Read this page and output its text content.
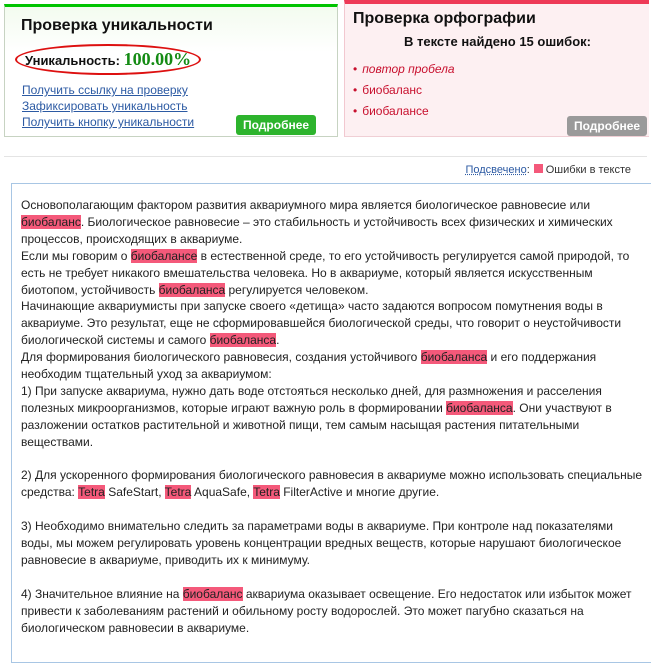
Проверка уникальности
Уникальность: 100.00%
Получить ссылку на проверку
Зафиксировать уникальность
Получить кнопку уникальности	Подробнее
Проверка орфографии
В тексте найдено 15 ошибок:
• повтор пробела
• биобаланс
• биобалансе
Подробнее
Подсвечено: Ошибки в тексте

Основополагающим фактором развития аквариумного мира являeтся биологическое равновесие или биобаланс. Биологическое равновесие – это стабильность и устойчивость всех физических и химических процессов, происходящих в аквариуме.

Если мы говорим о биобалансе в естественной среде, то его устойчивость регулируется самой природой, то есть не требует никакого вмешательства человека. Но в аквариуме, который является искусственным биотопом, устойчивость биобаланса регулируется человеком.

Начинающие аквариумисты при запуске своего «детища» часто задаются вопросом помутнения воды в аквариуме. Это результат, еще не сформировавшейся биологической среды, что говорит о неустойчивости биологической системы и самого биобаланса.

Для формирования биологического равновесия, создания устойчивого биобаланса и его поддержания необходим тщательный уход за аквариумом:

1) При запуске аквариума, нужно дать воде отстояться несколько дней, для размножения и расселения полезных микроорганизмов, которые играют важную роль в формировании биобаланса. Они участвуют в разложении остатков растительной и животной пищи, тем самым насыщая растения питательными веществами.

2) Для ускоренного формирования биологического равновесия в аквариуме можно использовать специальные средства: Tetra SafeStart, Tetra AquaSafe, Tetra FilterActive и многие другие.

3) Необходимо внимательно следить за параметрами воды в аквариуме. При контроле над показателями воды, мы можем регулировать уровень концентрации вредных веществ, которые нарушают биологическое равновесие в аквариуме, приводить их к минимуму.

4) Значительное влияние на биобаланс аквариума оказывает освещение. Его недостаток или избыток может привести к заболеваниям растений и обильному росту водорослей. Это может пагубно сказаться на биологическом равновесии в аквариуме.
